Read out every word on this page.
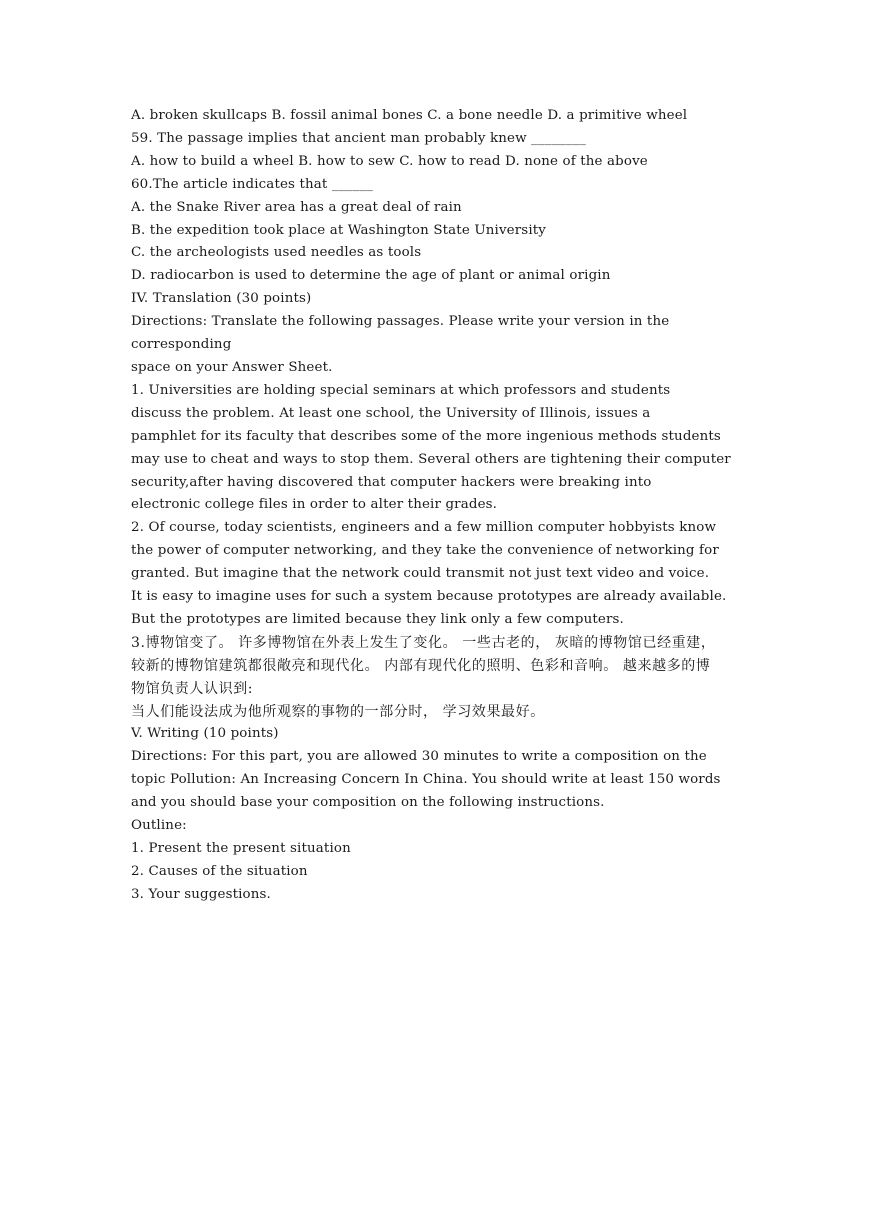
A. broken skullcaps B. fossil animal bones C. a bone needle D. a primitive wheel
59. The passage implies that ancient man probably knew ________
A. how to build a wheel B. how to sew C. how to read D. none of the above
60.The article indicates that ______
A. the Snake River area has a great deal of rain
B. the expedition took place at Washington State University
C. the archeologists used needles as tools
D. radiocarbon is used to determine the age of plant or animal origin
IV. Translation (30 points)
Directions: Translate the following passages. Please write your version in the
corresponding
space on your Answer Sheet.
1. Universities are holding special seminars at which professors and students
discuss the problem. At least one school, the University of Illinois, issues a
pamphlet for its faculty that describes some of the more ingenious methods students
may use to cheat and ways to stop them. Several others are tightening their computer
security,after having discovered that computer hackers were breaking into
electronic college files in order to alter their grades.
2. Of course, today scientists, engineers and a few million computer hobbyists know
the power of computer networking, and they take the convenience of networking for
granted. But imagine that the network could transmit not just text video and voice.
It is easy to imagine uses for such a system because prototypes are already available.
But the prototypes are limited because they link only a few computers.
3.博物馆变了。 许多博物馆在外表上发生了变化。 一些古老的， 灰暗的博物馆已经重建，
较新的博物馆建筑都很敞亮和现代化。 内部有现代化的照明、色彩和音响。 越来越多的博
物馆负责人认识到:
当人们能设法成为他所观察的事物的一部分时， 学习效果最好。
V. Writing (10 points)
Directions: For this part, you are allowed 30 minutes to write a composition on the
topic Pollution: An Increasing Concern In China. You should write at least 150 words
and you should base your composition on the following instructions.
Outline:
1. Present the present situation
2. Causes of the situation
3. Your suggestions.
